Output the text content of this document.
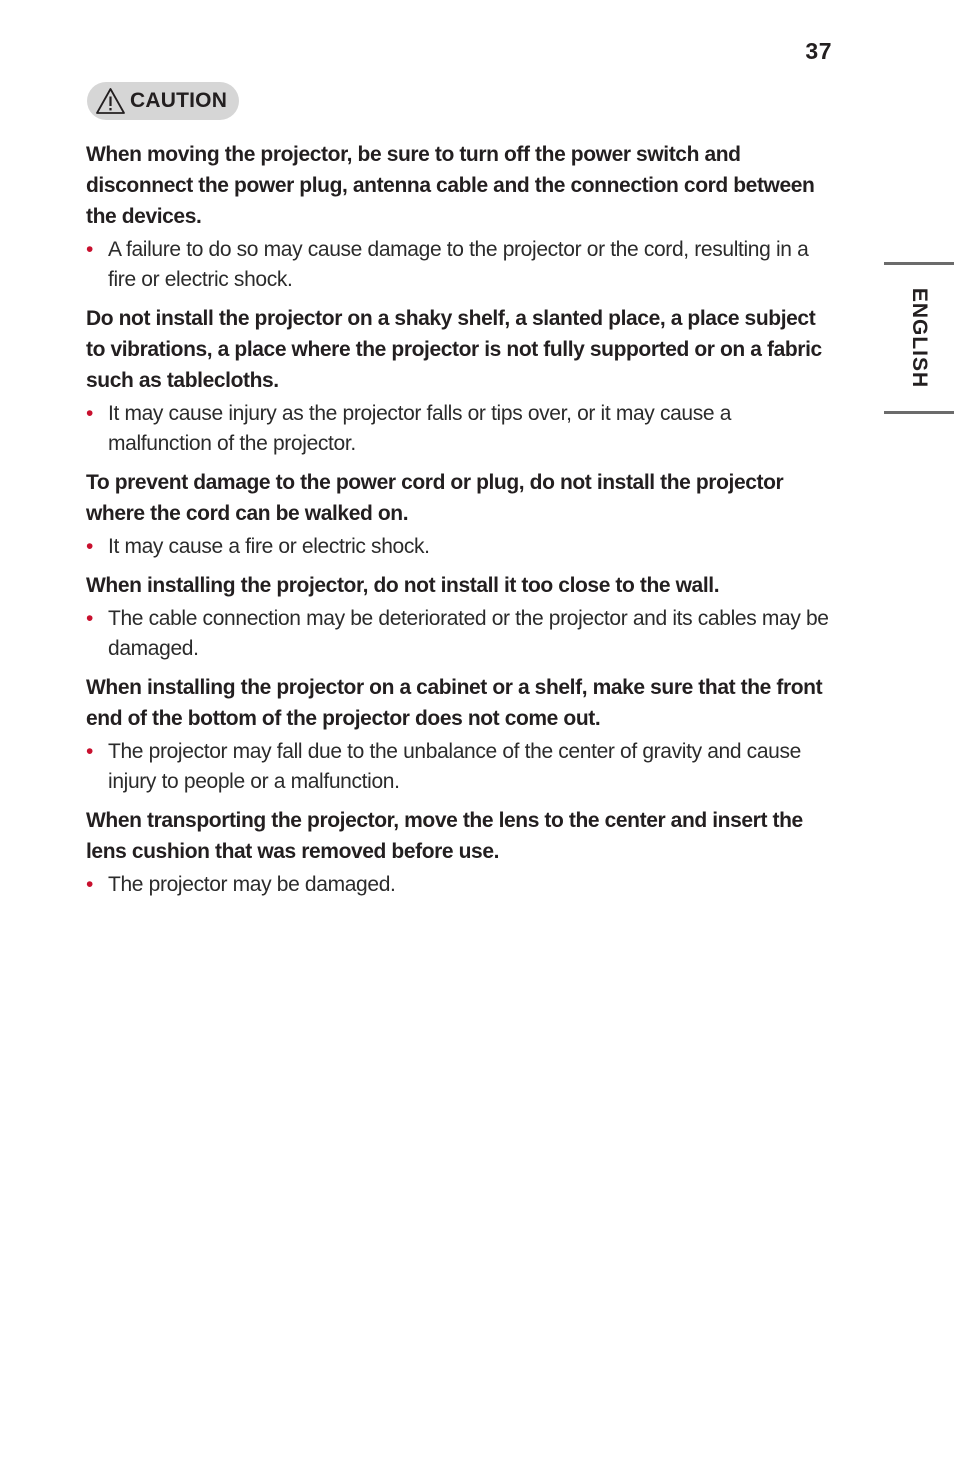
37
CAUTION
ENGLISH

When moving the projector, be sure to turn off the power switch and disconnect the power plug, antenna cable and the connection cord between the devices.

• A failure to do so may cause damage to the projector or the cord, resulting in a fire or electric shock.

Do not install the projector on a shaky shelf, a slanted place, a place subject to vibrations, a place where the projector is not fully supported or on a fabric such as tablecloths.

• It may cause injury as the projector falls or tips over, or it may cause a malfunction of the projector.

To prevent damage to the power cord or plug, do not install the projector where the cord can be walked on.

• It may cause a fire or electric shock.

When installing the projector, do not install it too close to the wall.

• The cable connection may be deteriorated or the projector and its cables may be damaged.

When installing the projector on a cabinet or a shelf, make sure that the front end of the bottom of the projector does not come out.

• The projector may fall due to the unbalance of the center of gravity and cause injury to people or a malfunction.

When transporting the projector, move the lens to the center and insert the lens cushion that was removed before use.

• The projector may be damaged.
